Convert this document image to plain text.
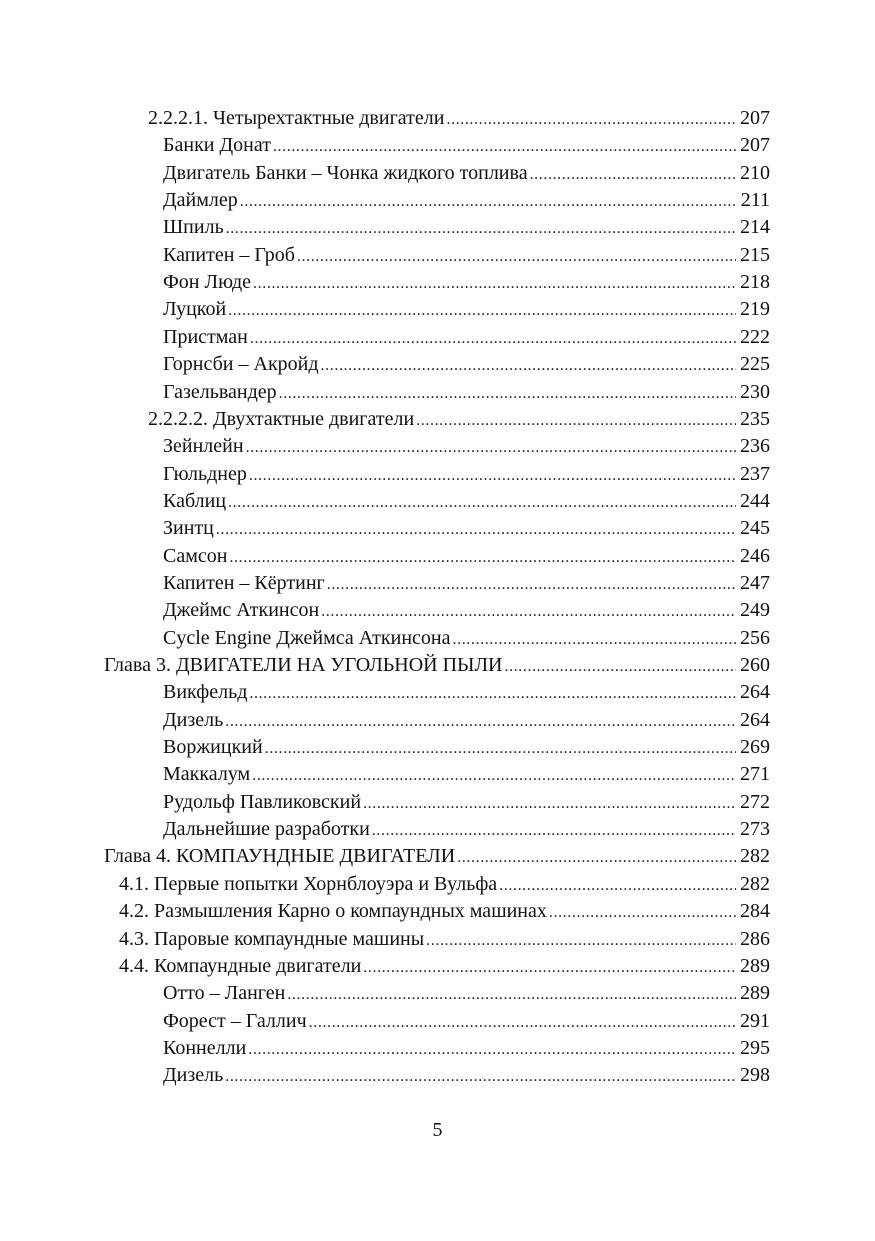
2.2.2.1. Четырехтактные двигатели .....	207
Банки Донат .....	207
Двигатель Банки – Чонка жидкого топлива .....	210
Даймлер .....	211
Шпиль .....	214
Капитен – Гроб .....	215
Фон Люде .....	218
Луцкой .....	219
Пристман .....	222
Горнсби – Акройд .....	225
Газельвандер .....	230
2.2.2.2. Двухтактные двигатели .....	235
Зейнлейн .....	236
Гюльднер .....	237
Каблиц .....	244
Зинтц .....	245
Самсон .....	246
Капитен – Кёртинг .....	247
Джеймс Аткинсон .....	249
Cycle Engine Джеймса Аткинсона .....	256
Глава 3. ДВИГАТЕЛИ НА УГОЛЬНОЙ ПЫЛИ .....	260
Викфельд .....	264
Дизель .....	264
Воржицкий .....	269
Маккалум .....	271
Рудольф Павликовский .....	272
Дальнейшие разработки .....	273
Глава 4. КОМПАУНДНЫЕ ДВИГАТЕЛИ .....	282
4.1. Первые попытки Хорнблоуэра и Вульфа .....	282
4.2. Размышления Карно о компаундных машинах .....	284
4.3. Паровые компаундные машины .....	286
4.4. Компаундные двигатели .....	289
Отто – Ланген .....	289
Форест – Галлич .....	291
Коннелли .....	295
Дизель .....	298
5
